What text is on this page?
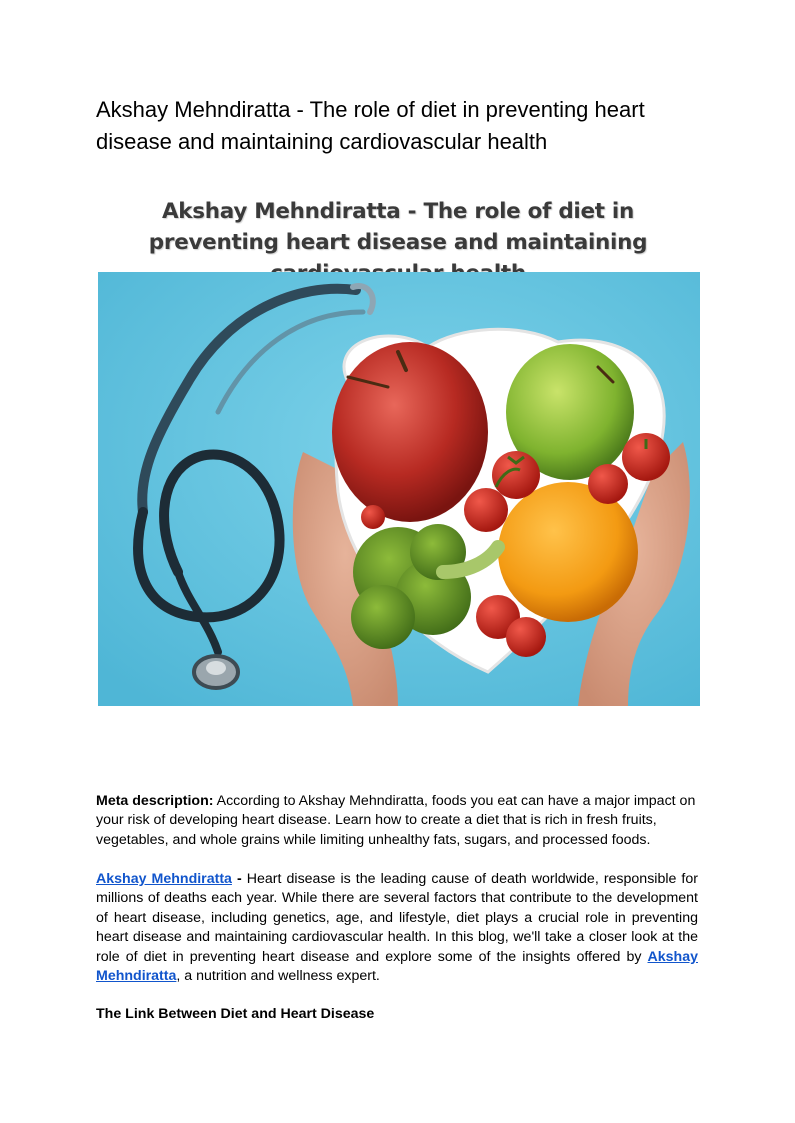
Akshay Mehndiratta - The role of diet in preventing heart disease and maintaining cardiovascular health
Akshay Mehndiratta - The role of diet in preventing heart disease and maintaining

Meta description: According to Akshay Mehndiratta, foods you eat can have a major impact on your risk of developing heart disease. Learn how to create a diet that is rich in fresh fruits, vegetables, and whole grains while limiting unhealthy fats, sugars, and processed foods.

Akshay Mehndiratta - Heart disease is the leading cause of death worldwide, responsible for millions of deaths each year. While there are several factors that contribute to the development of heart disease, including genetics, age, and lifestyle, diet plays a crucial role in preventing heart disease and maintaining cardiovascular health. In this blog, we'll take a closer look at the role of diet in preventing heart disease and explore some of the insights offered by Akshay Mehndiratta, a nutrition and wellness expert.

The Link Between Diet and Heart Disease
